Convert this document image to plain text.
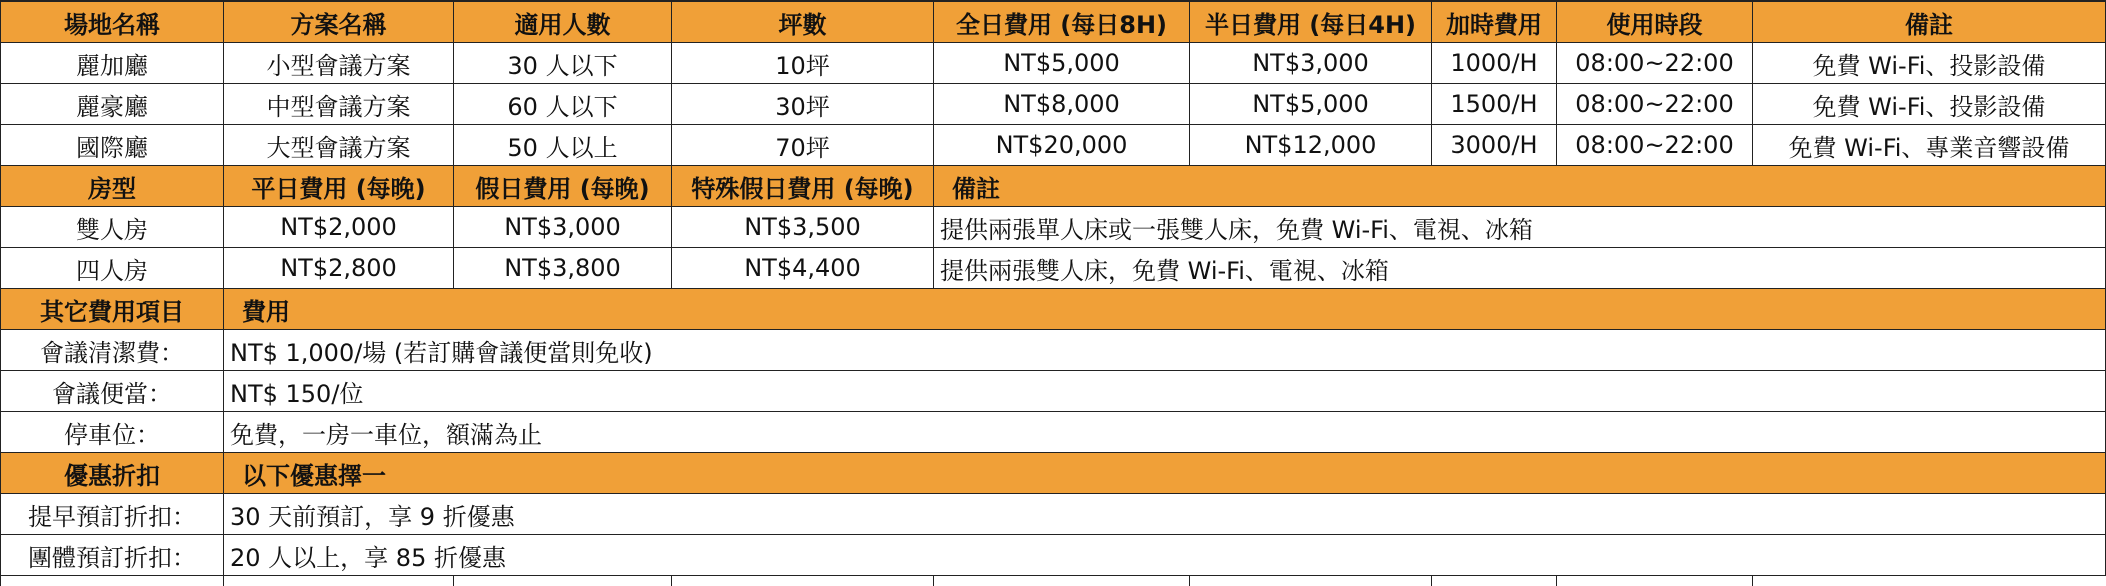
場地名稱	方案名稱	適用人數	坪數	全日費用 (每日8H)	半日費用 (每日4H)	加時費用	使用時段	備註
麗加廳	小型會議方案	30 人以下	10坪	NT$5,000	NT$3,000	1000/H	08:00~22:00	免費 Wi-Fi、投影設備
麗豪廳	中型會議方案	60 人以下	30坪	NT$8,000	NT$5,000	1500/H	08:00~22:00	免費 Wi-Fi、投影設備
國際廳	大型會議方案	50 人以上	70坪	NT$20,000	NT$12,000	3000/H	08:00~22:00	免費 Wi-Fi、專業音響設備
房型	平日費用 (每晚)	假日費用 (每晚)	特殊假日費用 (每晚)	備註
雙人房	NT$2,000	NT$3,000	NT$3,500	提供兩張單人床或一張雙人床，免費 Wi-Fi、電視、冰箱
四人房	NT$2,800	NT$3,800	NT$4,400	提供兩張雙人床，免費 Wi-Fi、電視、冰箱
其它費用項目	費用
會議清潔費：	NT$ 1,000/場 (若訂購會議便當則免收)
會議便當：	NT$ 150/位
停車位：	免費，一房一車位，額滿為止
優惠折扣	以下優惠擇一
提早預訂折扣：	30 天前預訂，享 9 折優惠
團體預訂折扣：	20 人以上，享 85 折優惠
